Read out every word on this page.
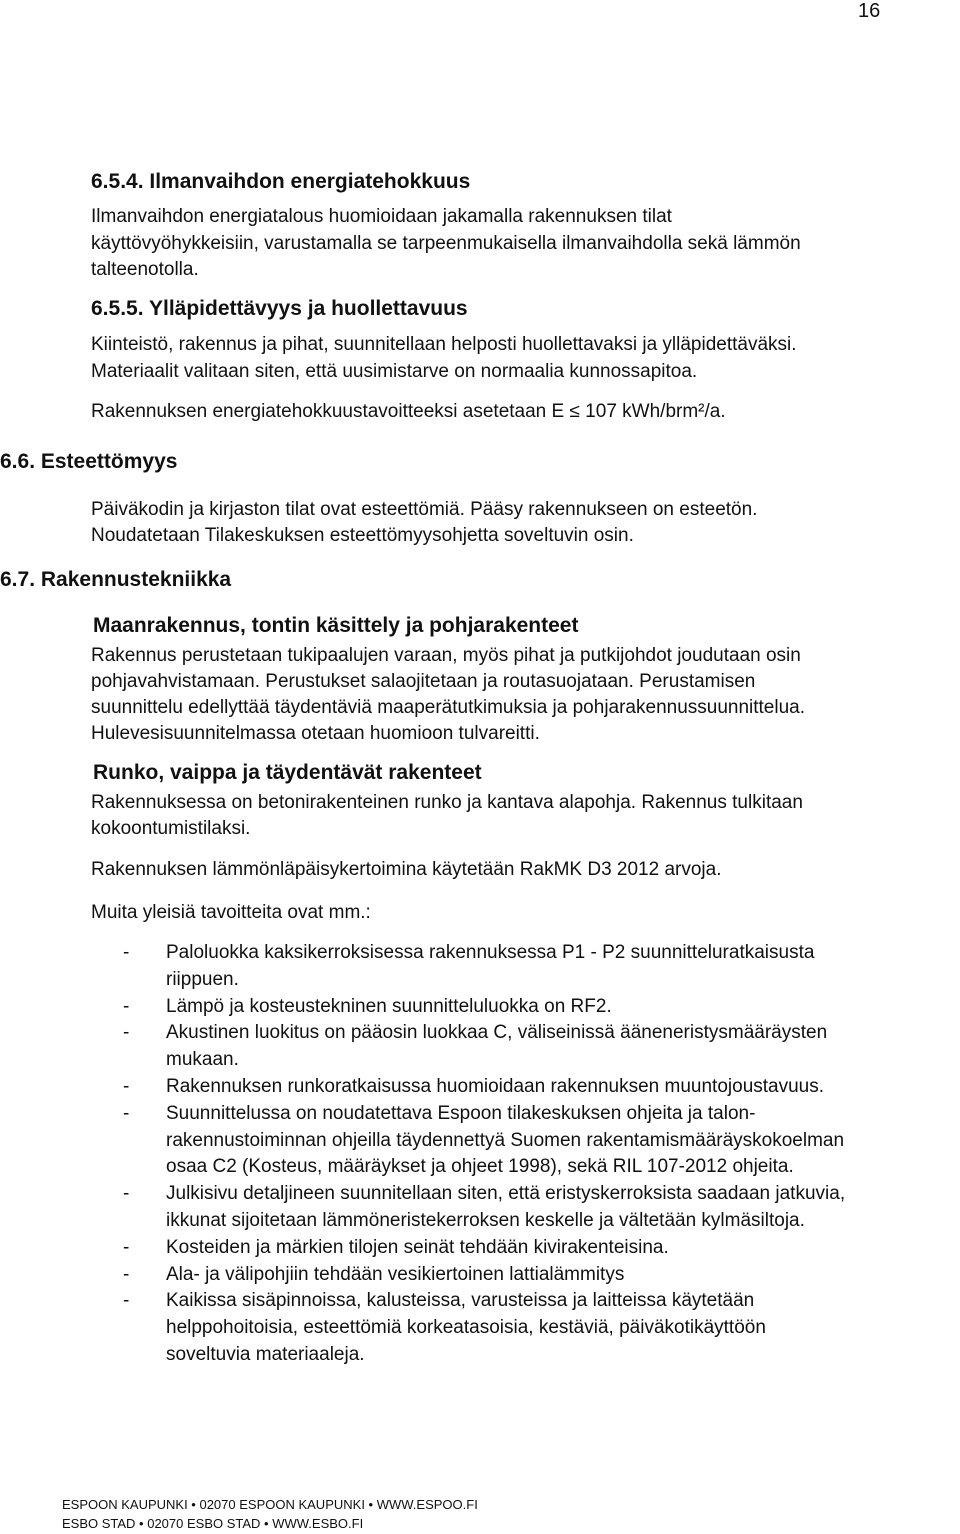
16
6.5.4. Ilmanvaihdon energiatehokkuus
Ilmanvaihdon energiatalous huomioidaan jakamalla rakennuksen tilat
käyttövyöhykkeisiin, varustamalla se tarpeenmukaisella ilmanvaihdolla sekä lämmön
talteenotolla.
6.5.5. Ylläpidettävyys ja huollettavuus
Kiinteistö, rakennus ja pihat, suunnitellaan helposti huollettavaksi ja ylläpidettäväksi.
Materiaalit valitaan siten, että uusimistarve on normaalia kunnossapitoa.
Rakennuksen energiatehokkuustavoitteeksi asetetaan E ≤ 107 kWh/brm²/a.
6.6. Esteettömyys
Päiväkodin ja kirjaston tilat ovat esteettömiä. Pääsy rakennukseen on esteetön.
Noudatetaan Tilakeskuksen esteettömyysohjetta soveltuvin osin.
6.7. Rakennustekniikka
Maanrakennus, tontin käsittely ja pohjarakenteet
Rakennus perustetaan tukipaalujen varaan, myös pihat ja putkijohdot joudutaan osin
pohjavahvistamaan. Perustukset salaojitetaan ja routasuojataan. Perustamisen
suunnittelu edellyttää täydentäviä maaperätutkimuksia ja pohjarakennussuunnittelua.
Hulevesisuunnitelmassa otetaan huomioon tulvareitti.
Runko, vaippa ja täydentävät rakenteet
Rakennuksessa on betonirakenteinen runko ja kantava alapohja. Rakennus tulkitaan
kokoontumistilaksi.
Rakennuksen lämmönläpäisykertoimina käytetään RakMK D3 2012 arvoja.
Muita yleisiä tavoitteita ovat mm.:
- Paloluokka kaksikerroksisessa rakennuksessa P1 - P2 suunnitteluratkaisusta
riippuen.
- Lämpö ja kosteustekninen suunnitteluluokka on RF2.
- Akustinen luokitus on pääosin luokkaa C, väliseinissä ääneneristysmääräysten
mukaan.
- Rakennuksen runkoratkaisussa huomioidaan rakennuksen muuntojoustavuus.
- Suunnittelussa on noudatettava Espoon tilakeskuksen ohjeita ja talon-
rakennustoiminnan ohjeilla täydennettyä Suomen rakentamismääräyskokoelman
osaa C2 (Kosteus, määräykset ja ohjeet 1998), sekä RIL 107-2012 ohjeita.
- Julkisivu detaljineen suunnitellaan siten, että eristyskerroksista saadaan jatkuvia,
ikkunat sijoitetaan lämmöneristekerroksen keskelle ja vältetään kylmäsiltoja.
- Kosteiden ja märkien tilojen seinät tehdään kivirakenteisina.
- Ala- ja välipohjiin tehdään vesikiertoinen lattialämmitys
- Kaikissa sisäpinnoissa, kalusteissa, varusteissa ja laitteissa käytetään
helppohoitoisia, esteettömiä korkeatasoisia, kestäviä, päiväkotikäyttöön
soveltuvia materiaaleja.
ESPOON KAUPUNKI • 02070 ESPOON KAUPUNKI • WWW.ESPOO.FI
ESBO STAD • 02070 ESBO STAD • WWW.ESBO.FI
